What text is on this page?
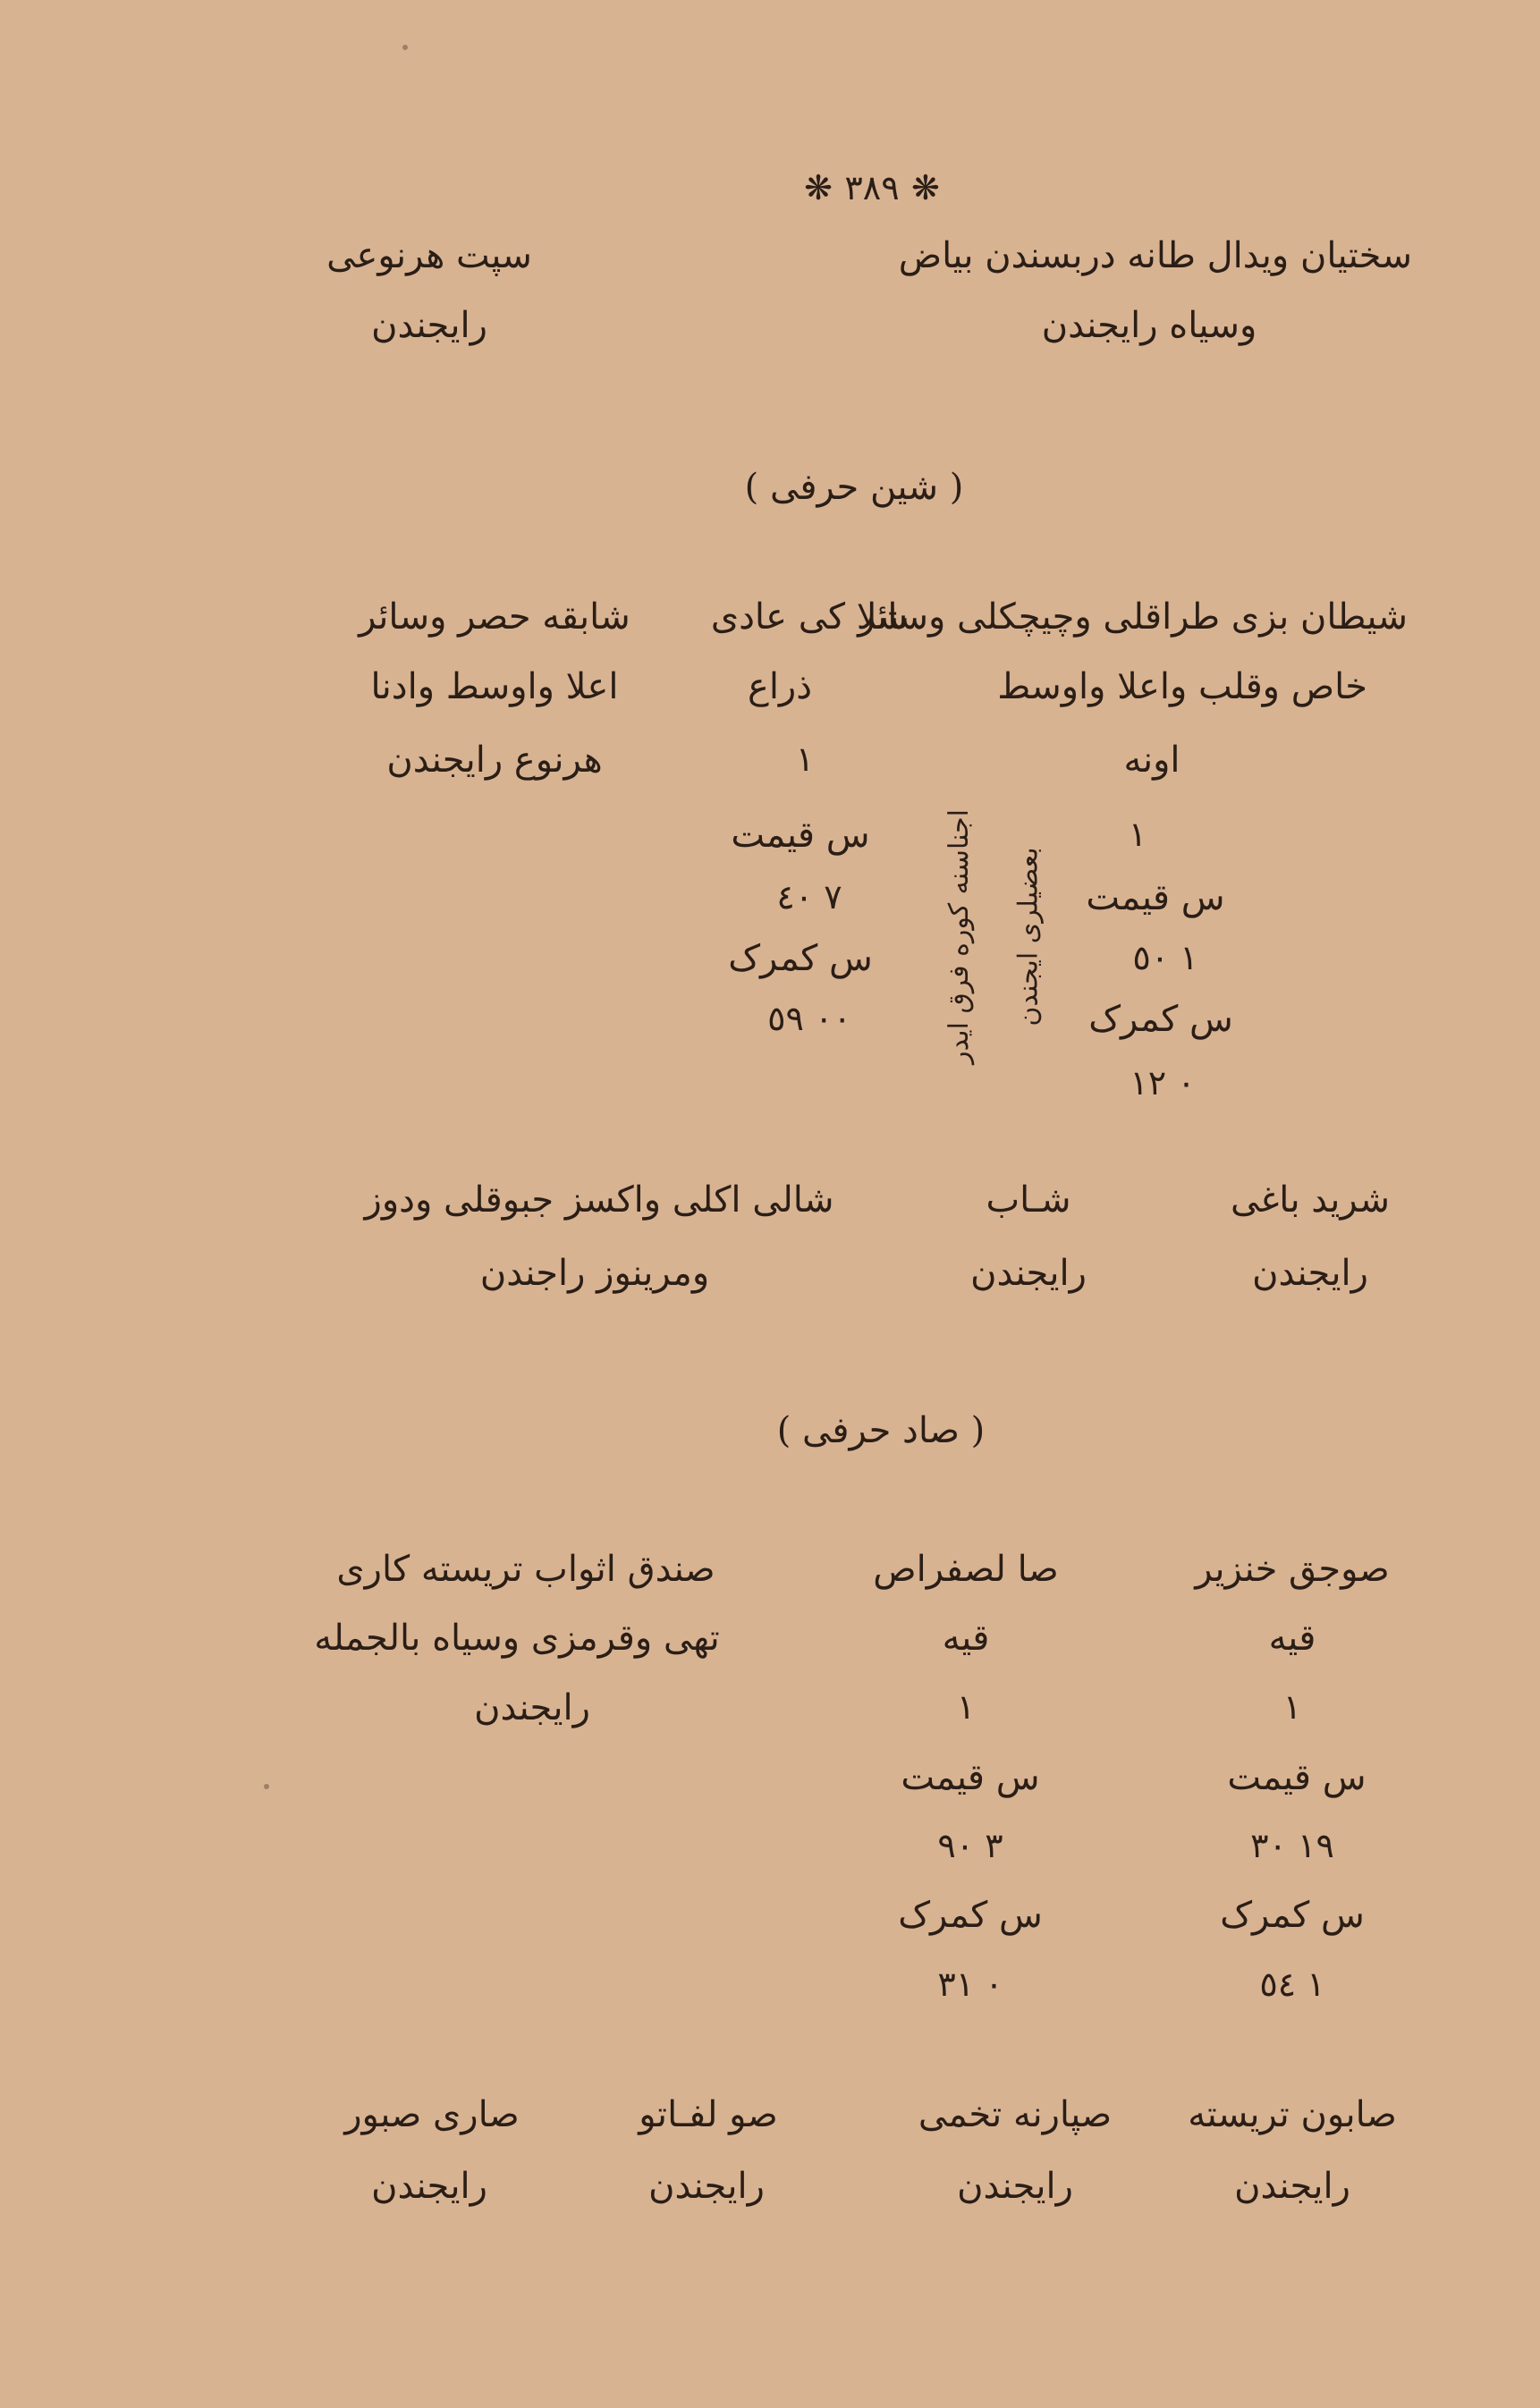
❋ ٣٨٩ ❋
سختیان ویدال طانه دربسندن بیاض
وسیاه رایجندن
سپت هرنوعی
رایجندن
( شین حرفی )
شیطان بزی طراقلی وچیچکلی وسائر
خاص وقلب واعلا واوسط
اونه
١
س قیمت
١ ٥٠
س کمرک
٠ ١٢
بعضیلری ایجندن
اجناسنه کوره فرق ایدر
شلا کی عادی
ذراع
١
س قیمت
٧ ٤٠
س کمرک
٠٠ ٥٩
شابقه حصر وسائر
اعلا واوسط وادنا
هرنوع رایجندن
شرید باغی
رایجندن
شـاب
رایجندن
شالی اکلی واکسز جبوقلی ودوز
ومرینوز راجندن
( صاد حرفی )
صوجق خنزیر
قیه
١
س قیمت
١٩ ٣٠
س کمرک
١ ٥٤
صا لصفراص
قیه
١
س قیمت
٣ ٩٠
س کمرک
٠ ٣١
صندق اثواب تریسته کاری
تهی وقرمزی وسیاه بالجمله
رایجندن
صابون تریسته
رایجندن
صپارنه تخمی
رایجندن
صو لفـاتو
رایجندن
صاری صبور
رایجندن
